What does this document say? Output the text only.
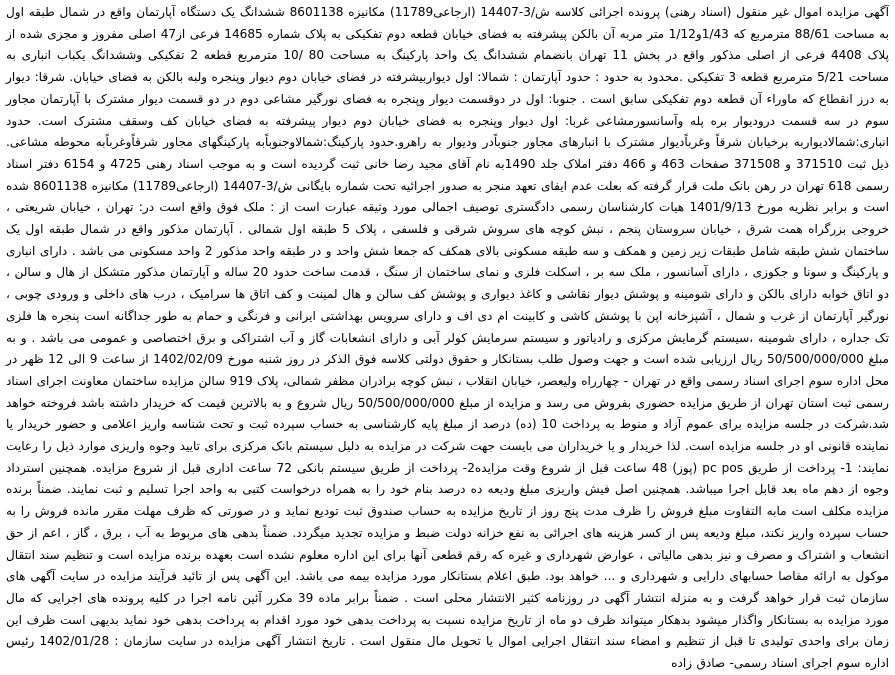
آگهی مزایده اموال غیر منقول (اسناد رهنی) پرونده اجرائی کلاسه ش/3-14407 (ارجاعی11789) مکانیزه 8601138 ششدانگ یک دستگاه آپارتمان واقع در شمال طبقه اول به مساحت 88/61 مترمربع که 1/43و1/12 متر مربه آن بالکن پیشرفته به فضای خیابان قطعه دوم تفکیکی به پلاک شماره 14685 فرعی از47 اصلی مفروز و مجزی شده از پلاک 4408 فرعی از اصلی مذکور واقع در بخش 11 تهران بانضمام ششدانگ یک واحد پارکینگ به مساحت 80 /10 مترمربع قطعه 2 تفکیکی وششدانگ یکباب انباری به مساحت 5/21 مترمربع قطعه 3 تفکیکی .محدود به حدود : حدود آپارتمان : شمالا: اول دیواربیشرفته در فضای خیابان دوم دیوار وپنجره ولبه بالکن به فضای خیابان. شرقا: دیوار به درز انقطاع که ماوراء آن قطعه دوم تفکیکی سابق است . جنوبا: اول در دوقسمت دیوار وپنجره به فضای نورگیر مشاعی دوم در دو قسمت دیوار مشترک با آپارتمان مجاور سوم در سه قسمت درودیوار بره پله وآسانسورمشاعی غربا: اول دیوار وپنجره به فضای خیابان دوم دیوار پیشرفته به فضای خیابان کف وسقف مشترک است. حدود انباری:شمالادیواربه برخیابان شرقاً وغرباًدیوار مشترک با انبارهای مجاور جنوباًدر ودیوار به راهرو.حدود پارکینگ:شمالاوجنوباًبه پارکینگهای مجاور شرقاًوغرباًبه محوطه مشاعی. ذیل ثبت 371510 و 371508 صفحات 463 و 466 دفتر املاک جلد 1490به نام آقای مجید رضا خانی ثبت گردیده است و به موجب اسناد رهنی 4725 و 6154 دفتر اسناد رسمی 618 تهران در رهن بانک ملت قرار گرفته که بعلت عدم ایفای تعهد منجر به صدور اجرائیه تحت شماره بایگانی ش/3-14407 (ارجاعی11789) مکانیزه 8601138 شده است و برابر نظریه مورخ 1401/9/13 هیات کارشناسان رسمی دادگستری توصیف اجمالی مورد وثیقه عبارت است از : ملک فوق واقع است در: تهران ، خیابان شریعتی ، خروجی بزرگراه همت شرق ، خیابان سروستان پنجم ، نبش کوچه های سروش شرقی و فلسفی ، پلاک 5 طبقه اول شمالی . آپارتمان مذکور واقع در شمال طبقه اول یک ساختمان شش طبقه شامل طبقات زیر زمین و همکف و سه طبقه مسکونی بالای همکف که جمعا شش واحد و در طبقه واحد مذکور 2 واحد مسکونی می باشد . دارای انباری و پارکینگ و سونا و جکوزی ، دارای آسانسور ، ملک سه بر ، اسکلت فلزی و نمای ساختمان از سنگ ، قدمت ساخت حدود 20 ساله و آپارتمان مذکور متشکل از هال و سالن ، دو اتاق خوابه دارای بالکن و دارای شومینه و پوشش دیوار نقاشی و کاغذ دیواری و پوشش کف سالن و هال لمینت و کف اتاق ها سرامیک ، درب های داخلی و ورودی چوبی ، نورگیر آپارتمان از غرب و شمال ، آشپزخانه اپن با پوشش کاشی و کابینت ام دی اف و دارای سرویس بهداشتی ایرانی و فرنگی و حمام به طور جداگانه است پنجره ها فلزی تک جداره ، دارای شومینه ،سیستم گرمایش مرکزی و رادیاتور و سیستم سرمایش کولر آبی و دارای انشعابات گاز و آب اشتراکی و برق اختصاصی و عمومی می باشد . و به مبلغ 50/500/000/000 ریال ارزیابی شده است و جهت وصول طلب بستانکار و حقوق دولتی کلاسه فوق الذکر در روز شنبه مورخ 1402/02/09 از ساعت 9 الی 12 ظهر در محل اداره سوم اجرای اسناد رسمی واقع در تهران - چهارراه ولیعصر، خیابان انقلاب ، نبش کوچه برادران مظفر شمالی، پلاک 919 سالن مزایده ساختمان معاونت اجرای اسناد رسمی ثبت استان تهران از طریق مزایده حضوری بفروش می رسد و مزایده از مبلغ 50/500/000/000 ریال شروع و به بالاترین قیمت که خریدار داشته باشد فروخته خواهد شد.شرکت در جلسه مزایده برای عموم آزاد و منوط به پرداخت 10 (ده) درصد از مبلغ پایه کارشناسی به حساب سپرده ثبت و تحت شناسه واریز اعلامی و حضور خریدار یا نماینده قانونی او در جلسه مزایده است. لذا خریدار و یا خریداران می بایست جهت شرکت در مزایده به دلیل سیستم بانک مرکزی برای تایید وجوه واریزی موارد ذیل را رعایت نمایند: 1- پرداخت از طریق pc pos (پوز) 48 ساعت قبل از شروع وقت مزایده2- پرداخت از طریق سیستم بانکی 72 ساعت اداری قبل از شروع مزایده. همچنین استرداد وجوه از دهم ماه بعد قابل اجرا میباشد. همچنین اصل فیش واریزی مبلغ ودیعه ده درصد بنام خود را به همراه درخواست کتبی به واحد اجرا تسلیم و ثبت نمایند. ضمناً برنده مزایده مکلف است مابه التفاوت مبلغ فروش را ظرف مدت پنج روز از تاریخ مزایده به حساب صندوق ثبت تودیع نماید و در صورتی که ظرف مهلت مقرر مانده فروش را به حساب سپرده واریز نکند، مبلغ ودیعه پس از کسر هزینه های اجرائی به نفع خزانه دولت ضبط و مزایده تجدید میگردد. ضمناً بدهی های مربوط به آب ، برق ، گاز ، اعم از حق انشعاب و اشتراک و مصرف و نیز بدهی مالیاتی ، عوارض شهرداری و غیره که رقم قطعی آنها برای این اداره معلوم نشده است بعهده برنده مزایده است و تنظیم سند انتقال موکول به ارائه مفاصا حسابهای دارایی و شهرداری و ... خواهد بود. طبق اعلام بستانکار مورد مزایده بیمه می باشد. این آگهی پس از تائید فرآیند مزایده در سایت آگهی های سازمان ثبت قرار خواهد گرفت و به منزله انتشار آگهی در روزنامه کثیر الانتشار محلی است . ضمناً برابر ماده 39 مکرر آئین نامه اجرا در کلیه پرونده های اجرایی که مال مورد مزایده به بستانکار واگذار میشود بدهکار میتواند ظرف دو ماه از تاریخ مزایده نسبت به پرداخت بدهی خود مورد اقدام به پرداخت بدهی خود نماید بدیهی است ظرف این زمان برای واحدی تولیدی تا قبل از تنظیم و امضاء سند انتقال اجرایی اموال یا تحویل مال منقول است . تاریخ انتشار آگهی مزایده در سایت سازمان : 1402/01/28 رئیس اداره سوم اجرای اسناد رسمی- صادق زاده
